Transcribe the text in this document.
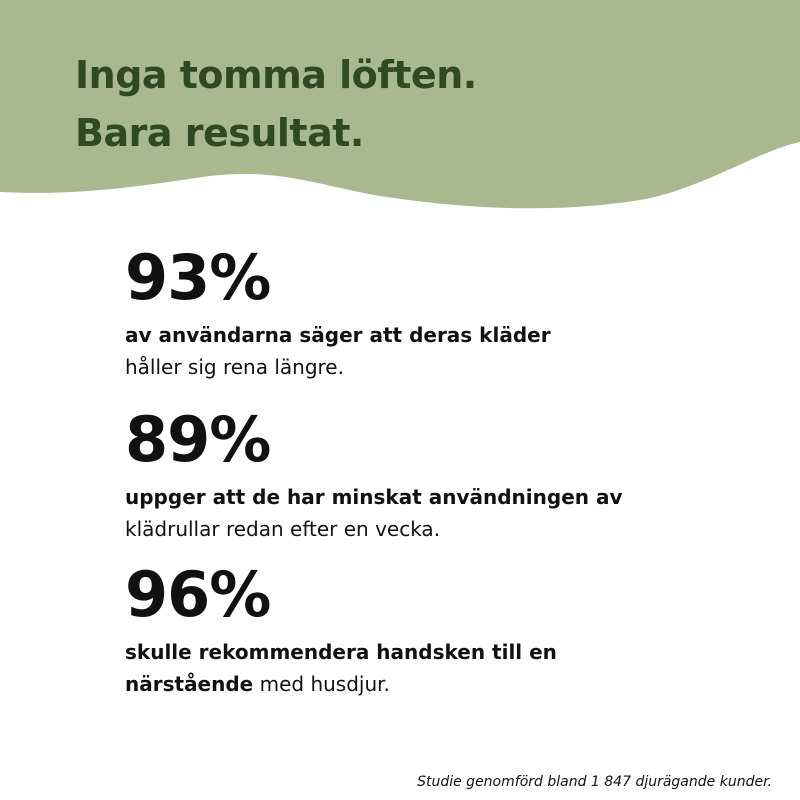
Inga tomma löften.
Bara resultat.
93%

av användarna säger att deras kläder
håller sig rena längre.

89%

uppger att de har minskat användningen av
klädrullar redan efter en vecka.

96%

skulle rekommendera handsken till en
närstående med husdjur.

Studie genomförd bland 1 847 djurägande kunder.
